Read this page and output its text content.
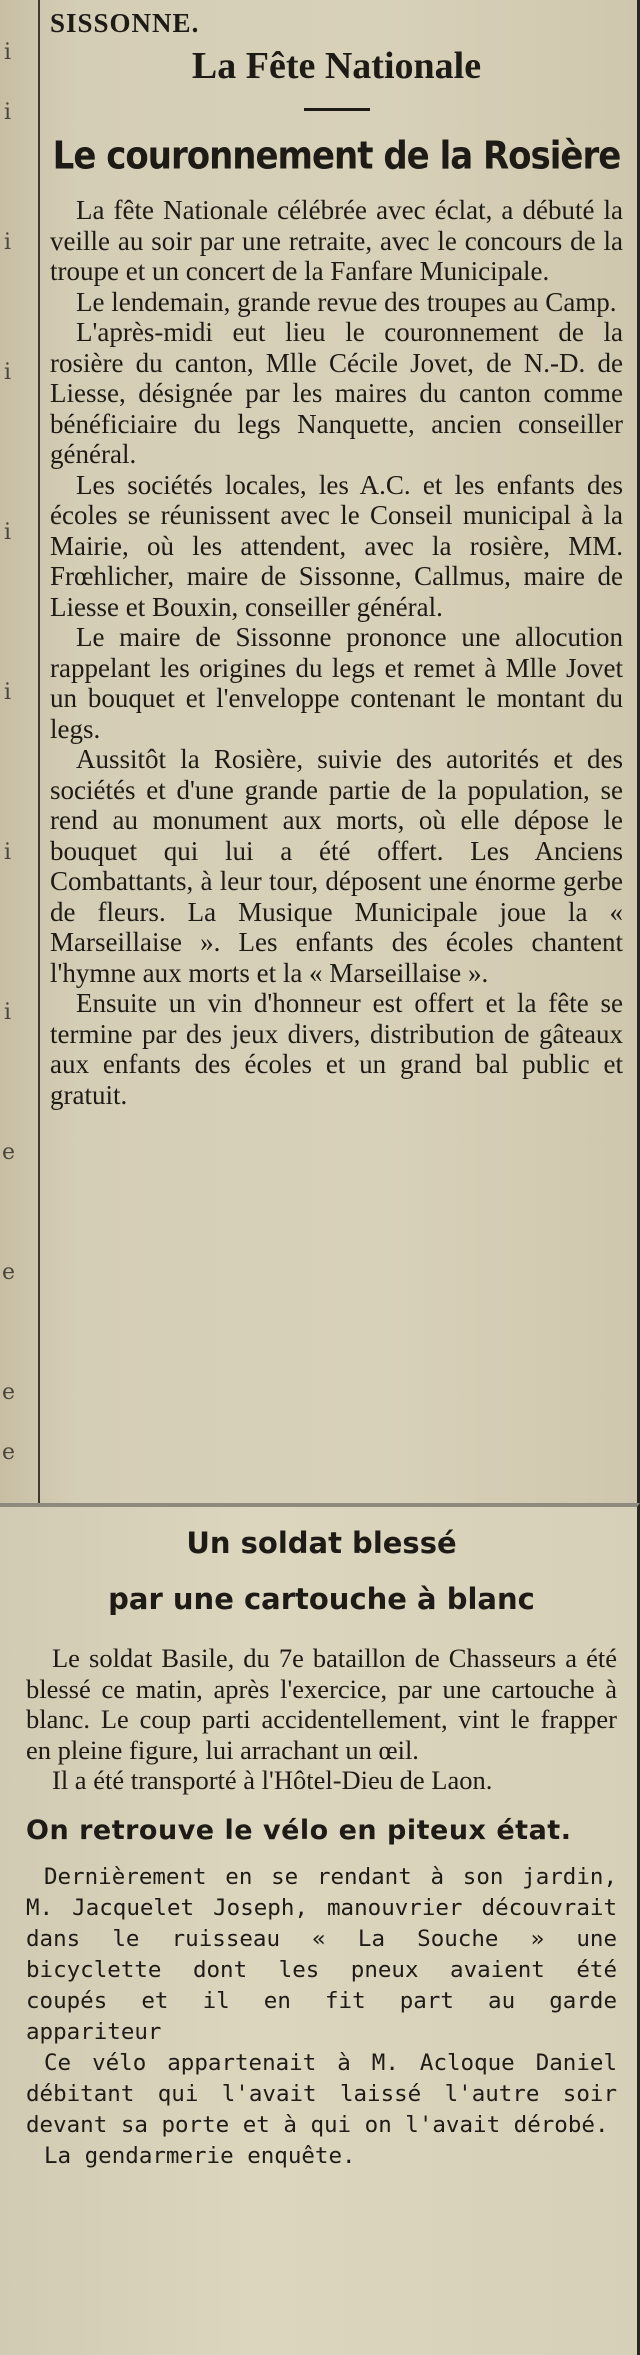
i
i
i
i
i
i
i
i
e
e
e
e
SISSONNE.
La Fête Nationale
Le couronnement de la Rosière

La fête Nationale célébrée avec éclat, a débuté la veille au soir par une retraite, avec le concours de la troupe et un concert de la Fanfare Municipale.

Le lendemain, grande revue des troupes au Camp.

L'après-midi eut lieu le couronnement de la rosière du canton, Mlle Cécile Jovet, de N.-D. de Liesse, désignée par les maires du canton comme bénéficiaire du legs Nanquette, ancien conseiller général.

Les sociétés locales, les A.C. et les enfants des écoles se réunissent avec le Conseil municipal à la Mairie, où les attendent, avec la rosière, MM. Frœhlicher, maire de Sissonne, Callmus, maire de Liesse et Bouxin, conseiller général.

Le maire de Sissonne prononce une allocution rappelant les origines du legs et remet à Mlle Jovet un bouquet et l'enveloppe contenant le montant du legs.

Aussitôt la Rosière, suivie des autorités et des sociétés et d'une grande partie de la population, se rend au monument aux morts, où elle dépose le bouquet qui lui a été offert. Les Anciens Combattants, à leur tour, déposent une énorme gerbe de fleurs. La Musique Municipale joue la « Marseillaise ». Les enfants des écoles chantent l'hymne aux morts et la « Marseillaise ».

Ensuite un vin d'honneur est offert et la fête se termine par des jeux divers, distribution de gâteaux aux enfants des écoles et un grand bal public et gratuit.

Un soldat blessé
par une cartouche à blanc

Le soldat Basile, du 7e bataillon de Chasseurs a été blessé ce matin, après l'exercice, par une cartouche à blanc. Le coup parti accidentellement, vint le frapper en pleine figure, lui arrachant un œil.

Il a été transporté à l'Hôtel-Dieu de Laon.

On retrouve le vélo en piteux état.

Dernièrement en se rendant à son jardin, M. Jacquelet Joseph, manouvrier découvrait dans le ruisseau « La Souche » une bicyclette dont les pneux avaient été coupés et il en fit part au garde appariteur

Ce vélo appartenait à M. Acloque Daniel débitant qui l'avait laissé l'autre soir devant sa porte et à qui on l'avait dérobé.

La gendarmerie enquête.
